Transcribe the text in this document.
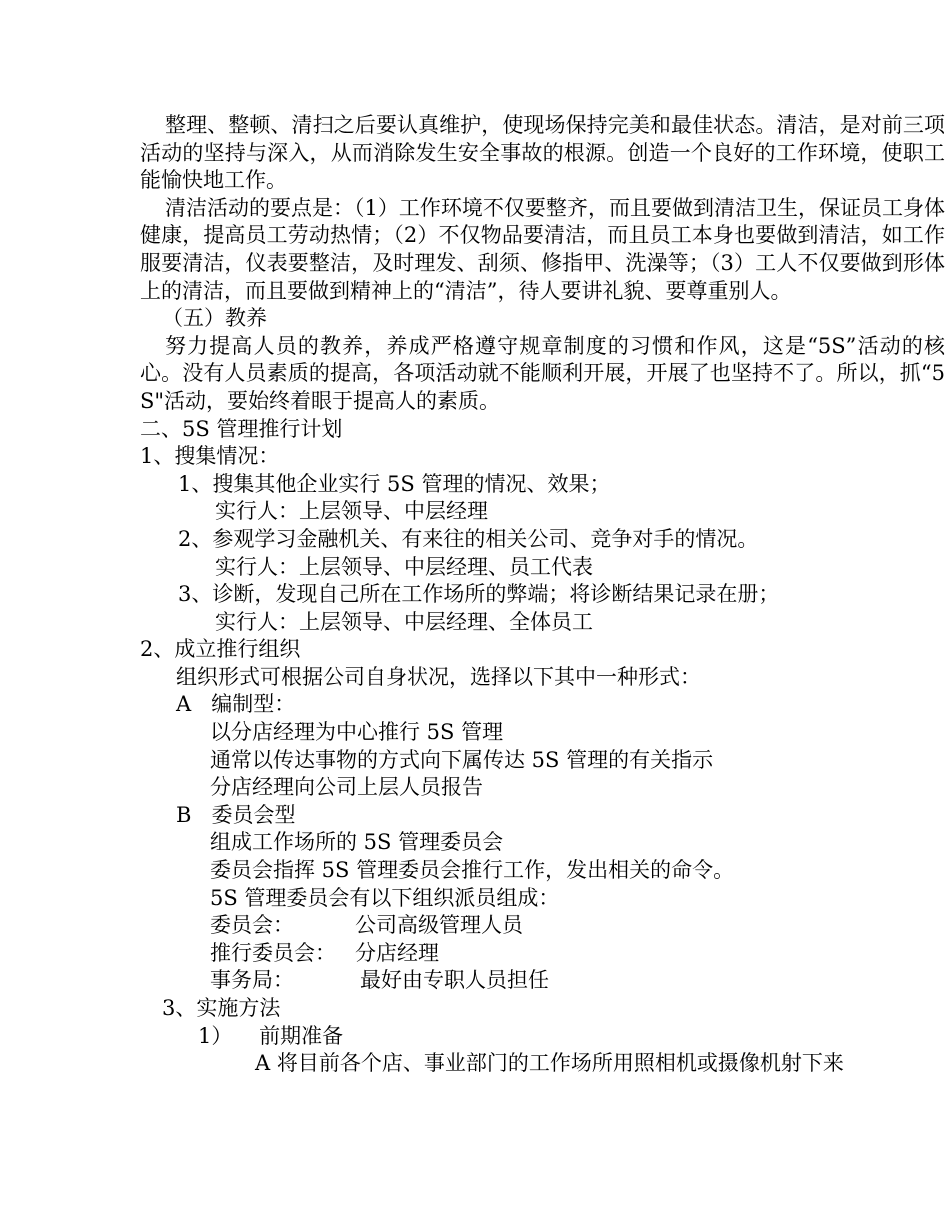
整理、整顿、清扫之后要认真维护，使现场保持完美和最佳状态。清洁，是对前三项活动的坚持与深入，从而消除发生安全事故的根源。创造一个良好的工作环境，使职工能愉快地工作。

清洁活动的要点是：（1）工作环境不仅要整齐，而且要做到清洁卫生，保证员工身体健康，提高员工劳动热情；（2）不仅物品要清洁，而且员工本身也要做到清洁，如工作服要清洁，仪表要整洁，及时理发、刮须、修指甲、洗澡等；（3）工人不仅要做到形体上的清洁，而且要做到精神上的“清洁”，待人要讲礼貌、要尊重别人。

（五）教养

努力提高人员的教养，养成严格遵守规章制度的习惯和作风，这是“5S”活动的核心。没有人员素质的提高，各项活动就不能顺利开展，开展了也坚持不了。所以，抓“5S"活动，要始终着眼于提高人的素质。

二、5S 管理推行计划

1、搜集情况：

1、搜集其他企业实行 5S 管理的情况、效果；

实行人：上层领导、中层经理

2、参观学习金融机关、有来往的相关公司、竞争对手的情况。

实行人：上层领导、中层经理、员工代表

3、诊断，发现自己所在工作场所的弊端；将诊断结果记录在册；

实行人：上层领导、中层经理、全体员工

2、成立推行组织

组织形式可根据公司自身状况，选择以下其中一种形式：

A 编制型：

以分店经理为中心推行 5S 管理

通常以传达事物的方式向下属传达 5S 管理的有关指示

分店经理向公司上层人员报告

B 委员会型

组成工作场所的 5S 管理委员会

委员会指挥 5S 管理委员会推行工作，发出相关的命令。

5S 管理委员会有以下组织派员组成：

委员会：	公司高级管理人员
推行委员会： 分店经理
事务局：	最好由专职人员担任

3、实施方法

1） 前期准备

A 将目前各个店、事业部门的工作场所用照相机或摄像机射下来
